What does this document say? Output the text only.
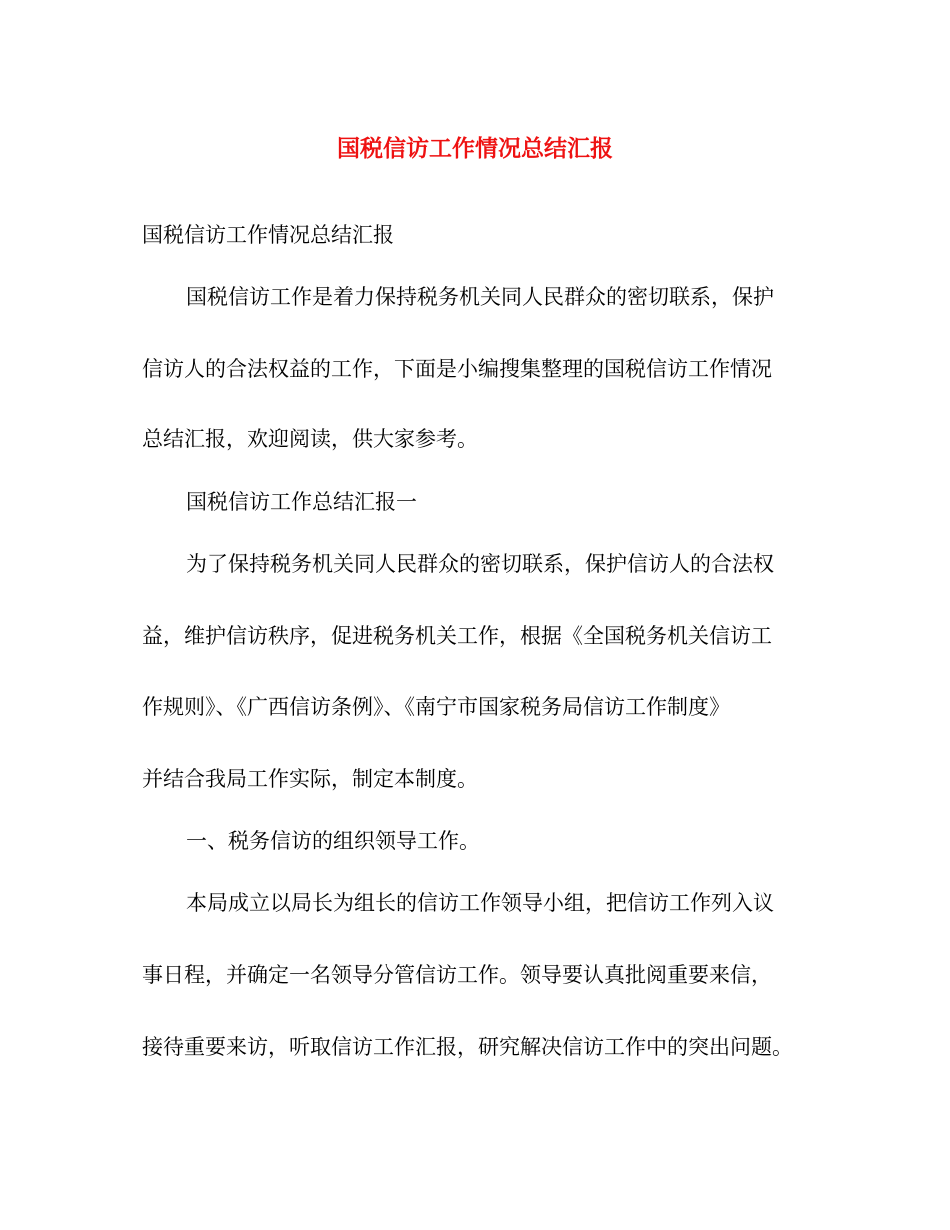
国税信访工作情况总结汇报
国税信访工作情况总结汇报
国税信访工作是着力保持税务机关同人民群众的密切联系，保护
信访人的合法权益的工作，下面是小编搜集整理的国税信访工作情况
总结汇报，欢迎阅读，供大家参考。
国税信访工作总结汇报一
为了保持税务机关同人民群众的密切联系，保护信访人的合法权
益，维护信访秩序，促进税务机关工作，根据《全国税务机关信访工
作规则》、《广西信访条例》、《南宁市国家税务局信访工作制度》
并结合我局工作实际，制定本制度。
一、税务信访的组织领导工作。
本局成立以局长为组长的信访工作领导小组，把信访工作列入议
事日程，并确定一名领导分管信访工作。领导要认真批阅重要来信，
接待重要来访，听取信访工作汇报，研究解决信访工作中的突出问题。
